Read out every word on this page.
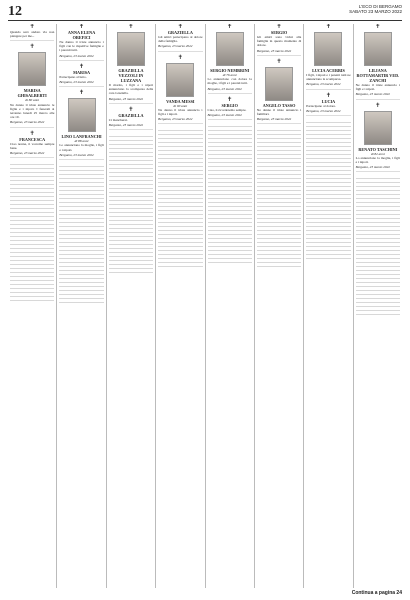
12	L'ECO DI BERGAMO
SABATO 23 MARZO 2022
✝
Quando sarò andato via non piangere per me...
✝
MARISA GHISALBERTI
di 80 anni
Ne danno il triste annuncio le figlie e i nipoti. I funerali si terranno lunedì 25 marzo alle ore 10.
Bergamo, 23 marzo 2022
✝
FRANCESCA
Ciao nonna, ti vorremo sempre bene.
Bergamo, 23 marzo 2022
✝
ANNA ELENA OREFICI
Ne danno il triste annuncio i figli con le rispettive famiglie e i parenti tutti.
Bergamo, 23 marzo 2022
✝
MARISA
Partecipano al lutto.
Bergamo, 23 marzo 2022
✝
LINO LANFRANCHI
di 88 anni
Lo annunciano la moglie, i figli e i nipoti.
Bergamo, 23 marzo 2022
✝
GRAZIELLA VEZZOLI IN LUZZANA
Il marito, i figli e i nipoti annunciano la scomparsa della cara Graziella.
Bergamo, 23 marzo 2022
✝
GRAZIELLA
Ci mancherai.
Bergamo, 23 marzo 2022
✝
GRAZIELLA
Gli amici partecipano al dolore della famiglia.
Bergamo, 23 marzo 2022
✝
VANDA MESSI
di 90 anni
Ne danno il triste annuncio i figli e i nipoti.
Bergamo, 23 marzo 2022
✝
SERGIO NEMBRINI
di 76 anni
Lo annunciano con dolore la moglie, i figli e i parenti tutti.
Bergamo, 23 marzo 2022
✝
SERGIO
Ciao, ti ricorderemo sempre.
Bergamo, 23 marzo 2022
✝
SERGIO
Gli amici sono vicini alla famiglia in questo momento di dolore.
Bergamo, 23 marzo 2022
✝
ANGELO TASSO
Ne danno il triste annuncio i familiari.
Bergamo, 23 marzo 2022
✝
LUCIA ACERBIS
I figli, i nipoti e i parenti tutti ne annunciano la scomparsa.
Bergamo, 23 marzo 2022
✝
LUCIA
Partecipano al dolore.
Bergamo, 23 marzo 2022
✝
LILIANA ROTTAMARTIR VED. ZANCHI
Ne danno il triste annuncio i figli e i nipoti.
Bergamo, 23 marzo 2022
✝
RENATO TASCHINI
di 82 anni
Lo annunciano la moglie, i figli e i nipoti.
Bergamo, 23 marzo 2022
Continua a pagina 24
